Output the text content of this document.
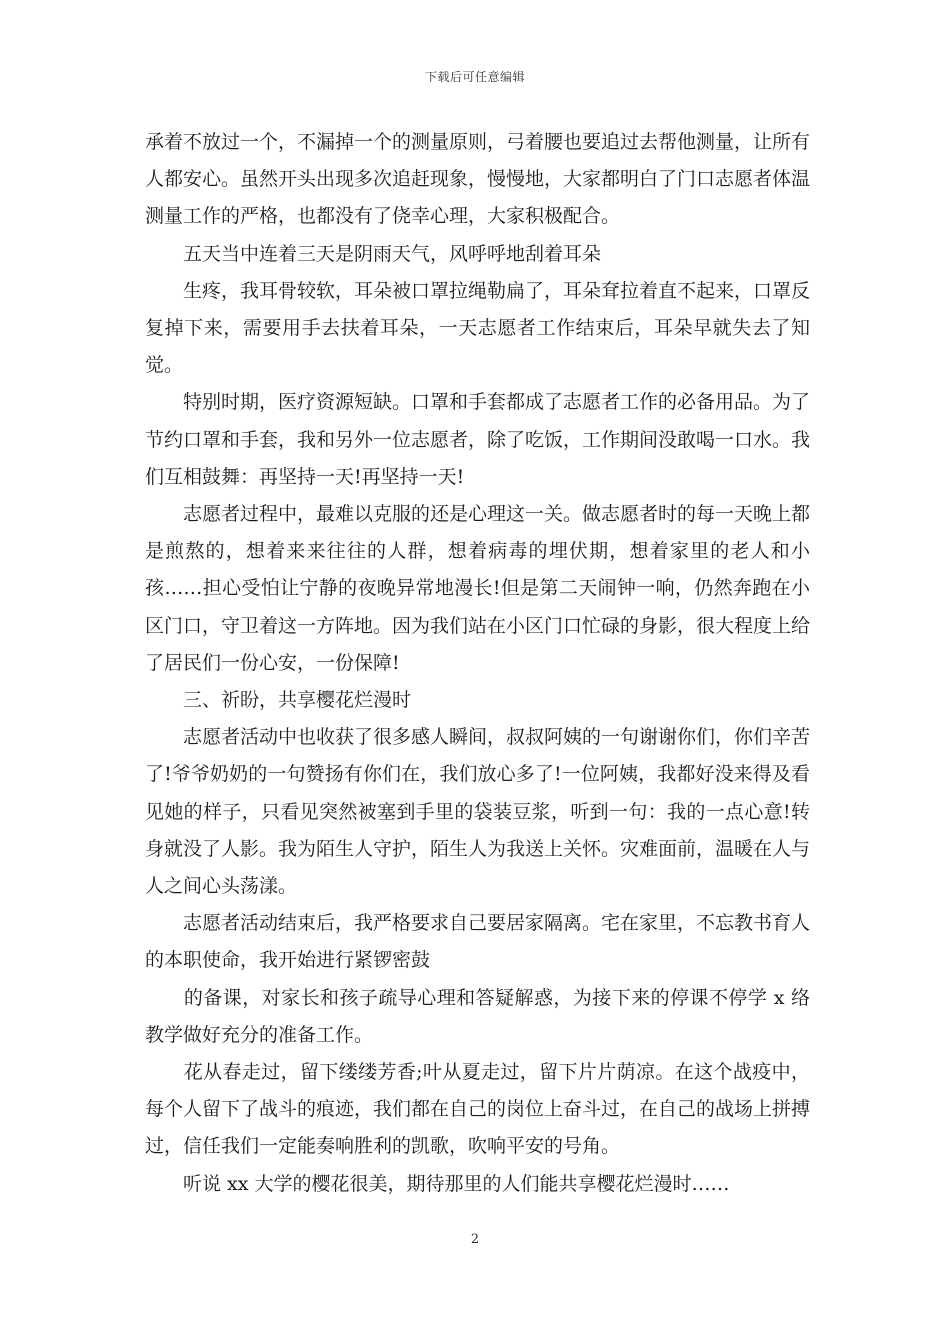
下载后可任意编辑

承着不放过一个，不漏掉一个的测量原则，弓着腰也要追过去帮他测量，让所有人都安心。虽然开头出现多次追赶现象，慢慢地，大家都明白了门口志愿者体温测量工作的严格，也都没有了侥幸心理，大家积极配合。

　　五天当中连着三天是阴雨天气，风呼呼地刮着耳朵

　　生疼，我耳骨较软，耳朵被口罩拉绳勒扁了，耳朵耷拉着直不起来，口罩反复掉下来，需要用手去扶着耳朵，一天志愿者工作结束后，耳朵早就失去了知觉。

　　特别时期，医疗资源短缺。口罩和手套都成了志愿者工作的必备用品。为了节约口罩和手套，我和另外一位志愿者，除了吃饭，工作期间没敢喝一口水。我们互相鼓舞：再坚持一天!再坚持一天!

　　志愿者过程中，最难以克服的还是心理这一关。做志愿者时的每一天晚上都是煎熬的，想着来来往往的人群，想着病毒的埋伏期，想着家里的老人和小孩……担心受怕让宁静的夜晚异常地漫长!但是第二天闹钟一响，仍然奔跑在小区门口，守卫着这一方阵地。因为我们站在小区门口忙碌的身影，很大程度上给了居民们一份心安，一份保障!

　　三、祈盼，共享樱花烂漫时

　　志愿者活动中也收获了很多感人瞬间，叔叔阿姨的一句谢谢你们，你们辛苦了!爷爷奶奶的一句赞扬有你们在，我们放心多了!一位阿姨，我都好没来得及看见她的样子，只看见突然被塞到手里的袋装豆浆，听到一句：我的一点心意!转身就没了人影。我为陌生人守护，陌生人为我送上关怀。灾难面前，温暖在人与人之间心头荡漾。

　　志愿者活动结束后，我严格要求自己要居家隔离。宅在家里，不忘教书育人的本职使命，我开始进行紧锣密鼓

　　的备课，对家长和孩子疏导心理和答疑解惑，为接下来的停课不停学 x 络教学做好充分的准备工作。

　　花从春走过，留下缕缕芳香;叶从夏走过，留下片片荫凉。在这个战疫中，每个人留下了战斗的痕迹，我们都在自己的岗位上奋斗过，在自己的战场上拼搏过，信任我们一定能奏响胜利的凯歌，吹响平安的号角。

　　听说 xx 大学的樱花很美，期待那里的人们能共享樱花烂漫时……

2
